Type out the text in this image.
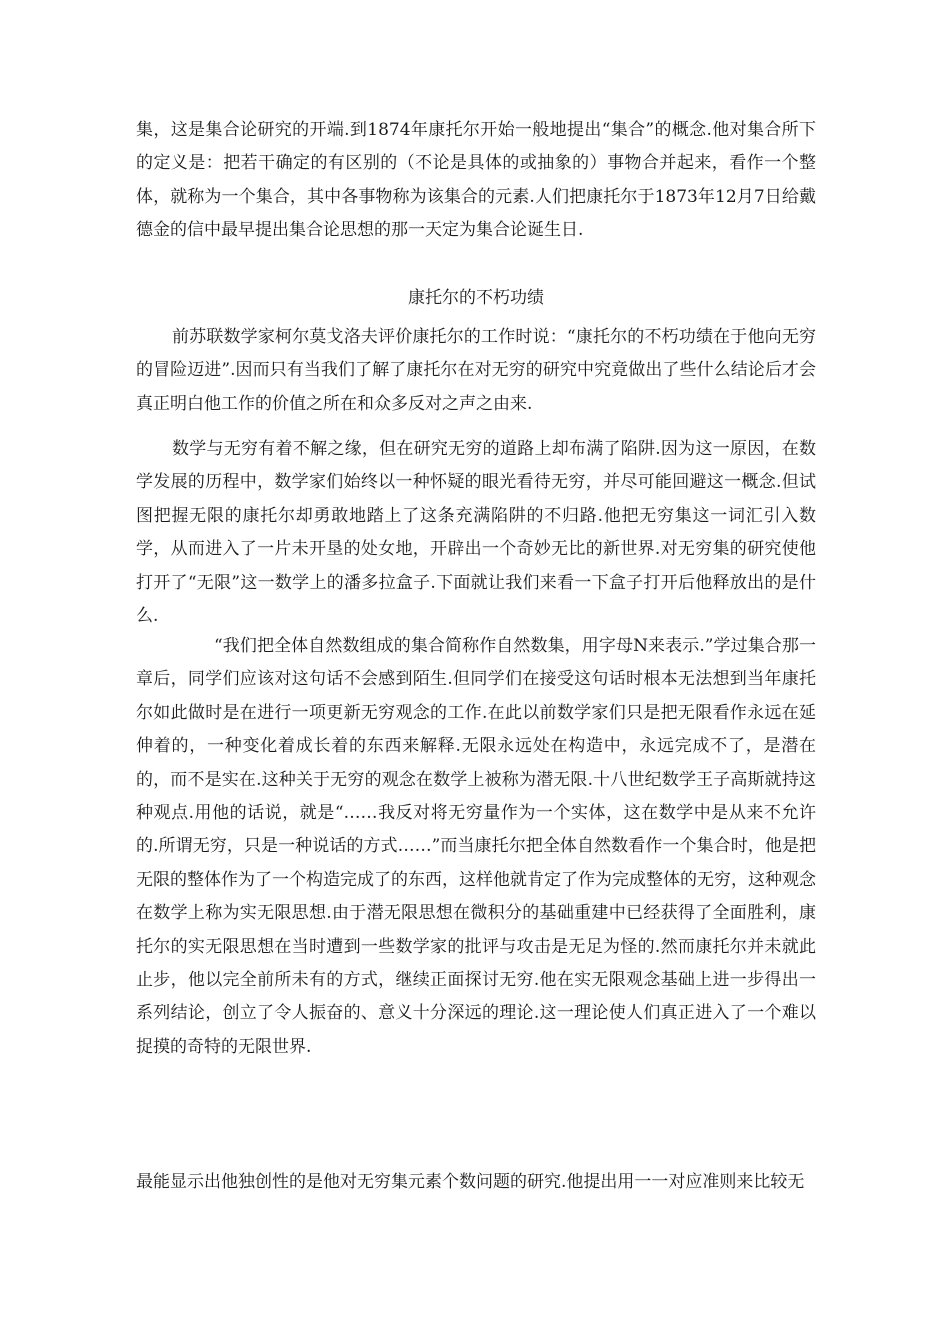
集，这是集合论研究的开端.到1874年康托尔开始一般地提出“集合”的概念.他对集合所下的定义是：把若干确定的有区别的（不论是具体的或抽象的）事物合并起来，看作一个整体，就称为一个集合，其中各事物称为该集合的元素.人们把康托尔于1873年12月7日给戴德金的信中最早提出集合论思想的那一天定为集合论诞生日.

康托尔的不朽功绩

前苏联数学家柯尔莫戈洛夫评价康托尔的工作时说：“康托尔的不朽功绩在于他向无穷的冒险迈进”.因而只有当我们了解了康托尔在对无穷的研究中究竟做出了些什么结论后才会真正明白他工作的价值之所在和众多反对之声之由来.

数学与无穷有着不解之缘，但在研究无穷的道路上却布满了陷阱.因为这一原因，在数学发展的历程中，数学家们始终以一种怀疑的眼光看待无穷，并尽可能回避这一概念.但试图把握无限的康托尔却勇敢地踏上了这条充满陷阱的不归路.他把无穷集这一词汇引入数学，从而进入了一片未开垦的处女地，开辟出一个奇妙无比的新世界.对无穷集的研究使他打开了“无限”这一数学上的潘多拉盒子.下面就让我们来看一下盒子打开后他释放出的是什么.

“我们把全体自然数组成的集合简称作自然数集，用字母N来表示.”学过集合那一章后，同学们应该对这句话不会感到陌生.但同学们在接受这句话时根本无法想到当年康托尔如此做时是在进行一项更新无穷观念的工作.在此以前数学家们只是把无限看作永远在延伸着的，一种变化着成长着的东西来解释.无限永远处在构造中，永远完成不了，是潜在的，而不是实在.这种关于无穷的观念在数学上被称为潜无限.十八世纪数学王子高斯就持这种观点.用他的话说，就是“……我反对将无穷量作为一个实体，这在数学中是从来不允许的.所谓无穷，只是一种说话的方式……”而当康托尔把全体自然数看作一个集合时，他是把无限的整体作为了一个构造完成了的东西，这样他就肯定了作为完成整体的无穷，这种观念在数学上称为实无限思想.由于潜无限思想在微积分的基础重建中已经获得了全面胜利，康托尔的实无限思想在当时遭到一些数学家的批评与攻击是无足为怪的.然而康托尔并未就此止步，他以完全前所未有的方式，继续正面探讨无穷.他在实无限观念基础上进一步得出一系列结论，创立了令人振奋的、意义十分深远的理论.这一理论使人们真正进入了一个难以捉摸的奇特的无限世界.

最能显示出他独创性的是他对无穷集元素个数问题的研究.他提出用一一对应准则来比较无
